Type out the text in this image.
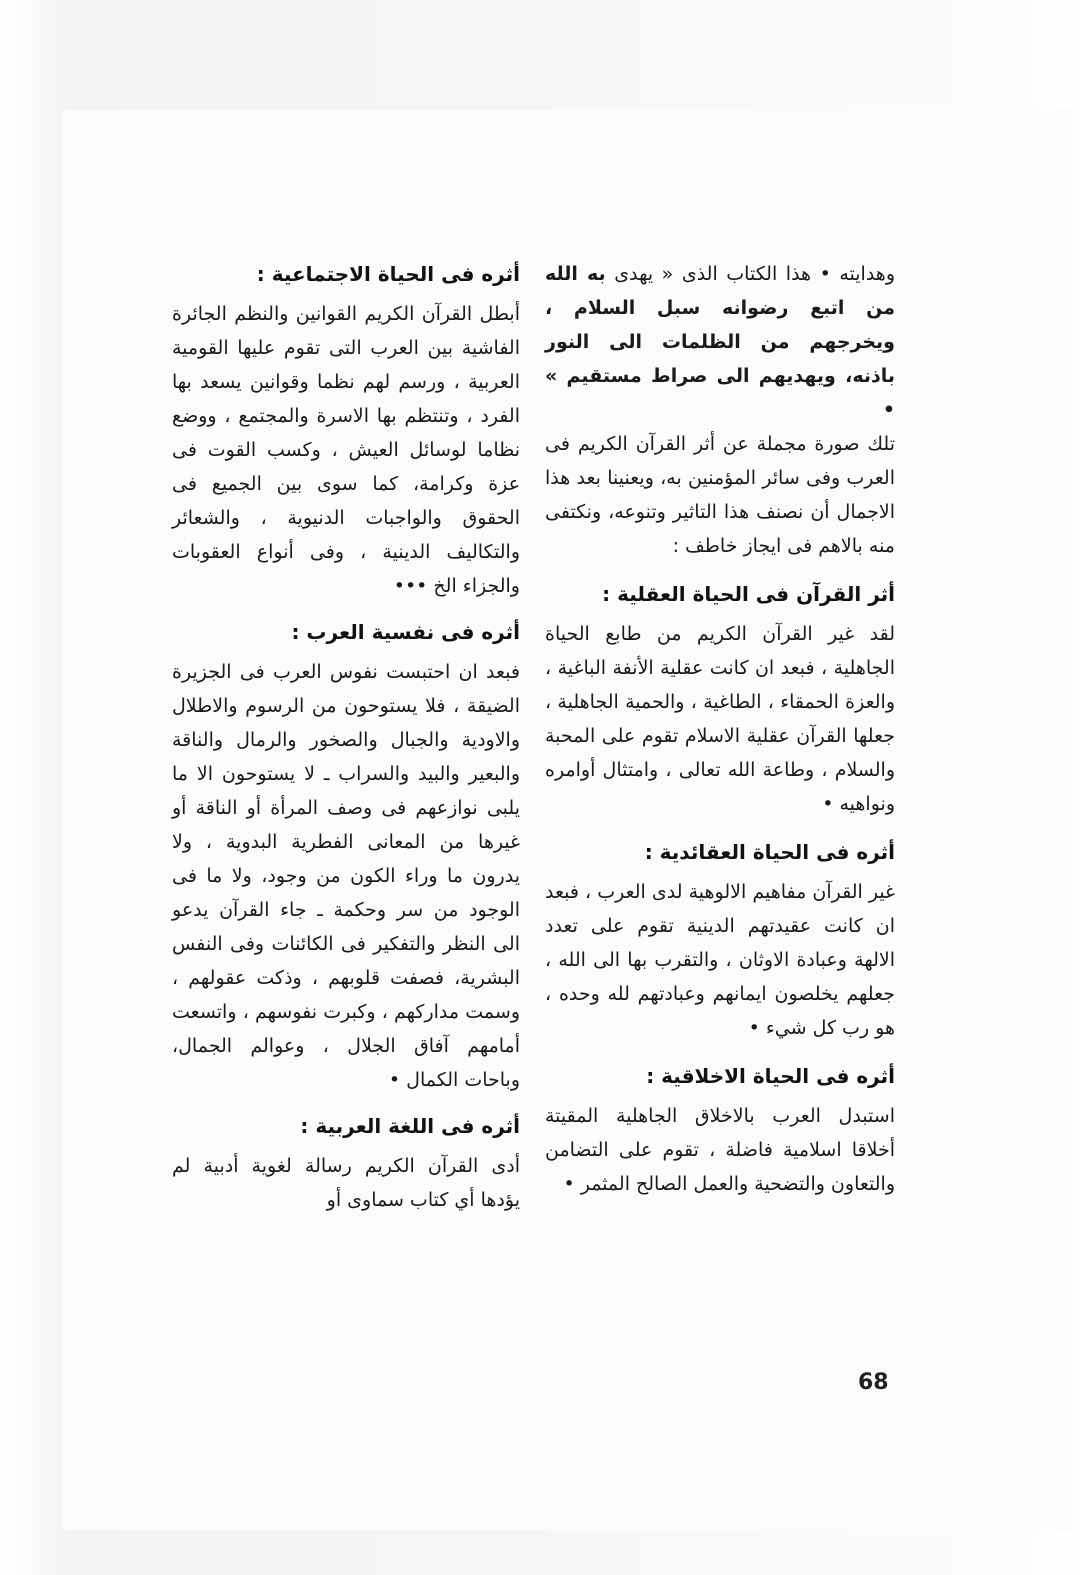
وهدايته • هذا الكتاب الذى « يهدى به الله من اتبع رضوانه سبل السلام ، ويخرجهم من الظلمات الى النور باذنه، ويهديهم الى صراط مستقيم » •

تلك صورة مجملة عن أثر القرآن الكريم فى العرب وفى سائر المؤمنين به، ويعنينا بعد هذا الاجمال أن نصنف هذا التاثير وتنوعه، ونكتفى منه بالاهم فى ايجاز خاطف :

أثر القرآن فى الحياة العقلية :

لقد غير القرآن الكريم من طابع الحياة الجاهلية ، فبعد ان كانت عقلية الأنفة الباغية ، والعزة الحمقاء ، الطاغية ، والحمية الجاهلية ، جعلها القرآن عقلية الاسلام تقوم على المحبة والسلام ، وطاعة الله تعالى ، وامتثال أوامره ونواهيه •

أثره فى الحياة العقائدية :

غير القرآن مفاهيم الالوهية لدى العرب ، فبعد ان كانت عقيدتهم الدينية تقوم على تعدد الالهة وعبادة الاوثان ، والتقرب بها الى الله ، جعلهم يخلصون ايمانهم وعبادتهم لله وحده ، هو رب كل شيء •

أثره فى الحياة الاخلاقية :

استبدل العرب بالاخلاق الجاهلية المقيتة أخلاقا اسلامية فاضلة ، تقوم على التضامن والتعاون والتضحية والعمل الصالح المثمر •

أثره فى الحياة الاجتماعية :

أبطل القرآن الكريم القوانين والنظم الجائرة الفاشية بين العرب التى تقوم عليها القومية العربية ، ورسم لهم نظما وقوانين يسعد بها الفرد ، وتنتظم بها الاسرة والمجتمع ، ووضع نظاما لوسائل العيش ، وكسب القوت فى عزة وكرامة، كما سوى بين الجميع فى الحقوق والواجبات الدنيوية ، والشعائر والتكاليف الدينية ، وفى أنواع العقوبات والجزاء الخ •••

أثره فى نفسية العرب :

فبعد ان احتبست نفوس العرب فى الجزيرة الضيقة ، فلا يستوحون من الرسوم والاطلال والاودية والجبال والصخور والرمال والناقة والبعير والبيد والسراب ـ لا يستوحون الا ما يلبى نوازعهم فى وصف المرأة أو الناقة أو غيرها من المعانى الفطرية البدوية ، ولا يدرون ما وراء الكون من وجود، ولا ما فى الوجود من سر وحكمة ـ جاء القرآن يدعو الى النظر والتفكير فى الكائنات وفى النفس البشرية، فصفت قلوبهم ، وذكت عقولهم ، وسمت مداركهم ، وكبرت نفوسهم ، واتسعت أمامهم آفاق الجلال ، وعوالم الجمال، وباحات الكمال •

أثره فى اللغة العربية :

أدى القرآن الكريم رسالة لغوية أدبية لم يؤدها أي كتاب سماوى أو

68
